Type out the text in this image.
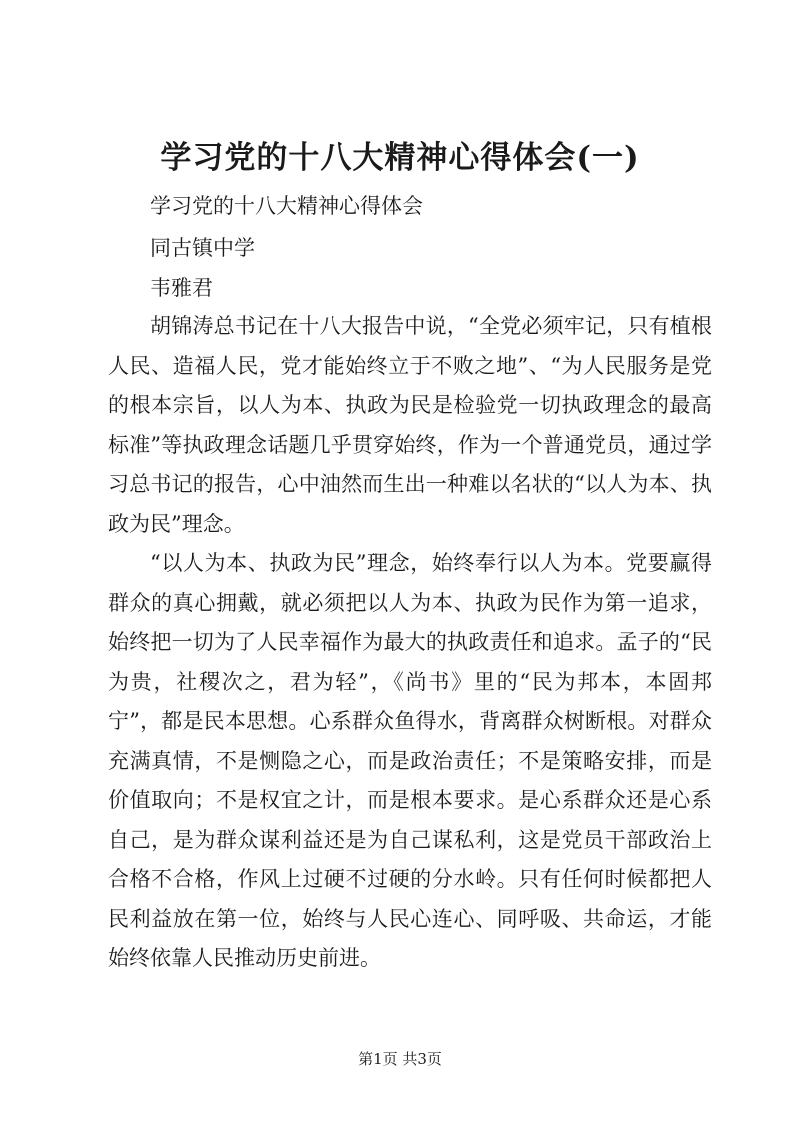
学习党的十八大精神心得体会(一)

学习党的十八大精神心得体会

同古镇中学

韦雅君

胡锦涛总书记在十八大报告中说，“全党必须牢记，只有植根人民、造福人民，党才能始终立于不败之地”、“为人民服务是党的根本宗旨，以人为本、执政为民是检验党一切执政理念的最高标准”等执政理念话题几乎贯穿始终，作为一个普通党员，通过学习总书记的报告，心中油然而生出一种难以名状的“以人为本、执政为民”理念。

“以人为本、执政为民”理念，始终奉行以人为本。党要赢得群众的真心拥戴，就必须把以人为本、执政为民作为第一追求，始终把一切为了人民幸福作为最大的执政责任和追求。孟子的“民为贵，社稷次之，君为轻”，《尚书》里的“民为邦本，本固邦宁”，都是民本思想。心系群众鱼得水，背离群众树断根。对群众充满真情，不是恻隐之心，而是政治责任；不是策略安排，而是价值取向；不是权宜之计，而是根本要求。是心系群众还是心系自己，是为群众谋利益还是为自己谋私利，这是党员干部政治上合格不合格，作风上过硬不过硬的分水岭。只有任何时候都把人民利益放在第一位，始终与人民心连心、同呼吸、共命运，才能始终依靠人民推动历史前进。

第1页 共3页
